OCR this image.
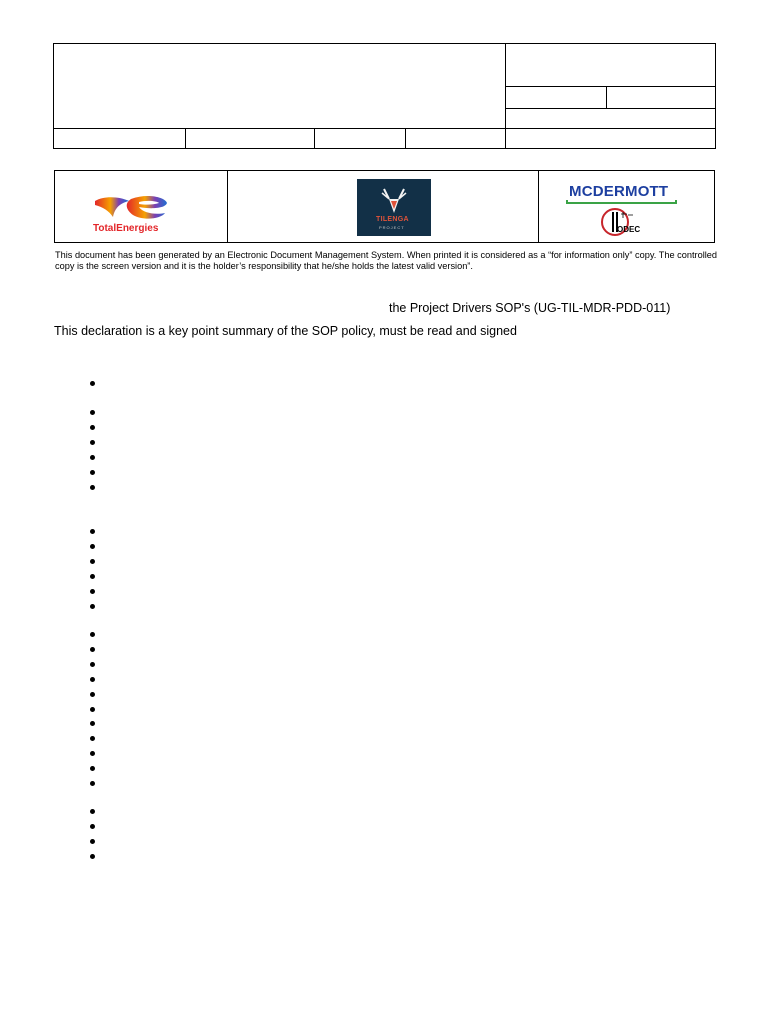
TotalEnergies
TILENGA
PROJECT
MCDERMOTT
ODEC
This document has been generated by an Electronic Document Management System. When printed it is considered as a “for information only” copy. The controlled copy is the screen version and it is the holder’s responsibility that he/she holds the latest valid version”.
the Project Drivers SOP's (UG-TIL-MDR-PDD-011)
This declaration is a key point summary of the SOP policy, must be read and signed
